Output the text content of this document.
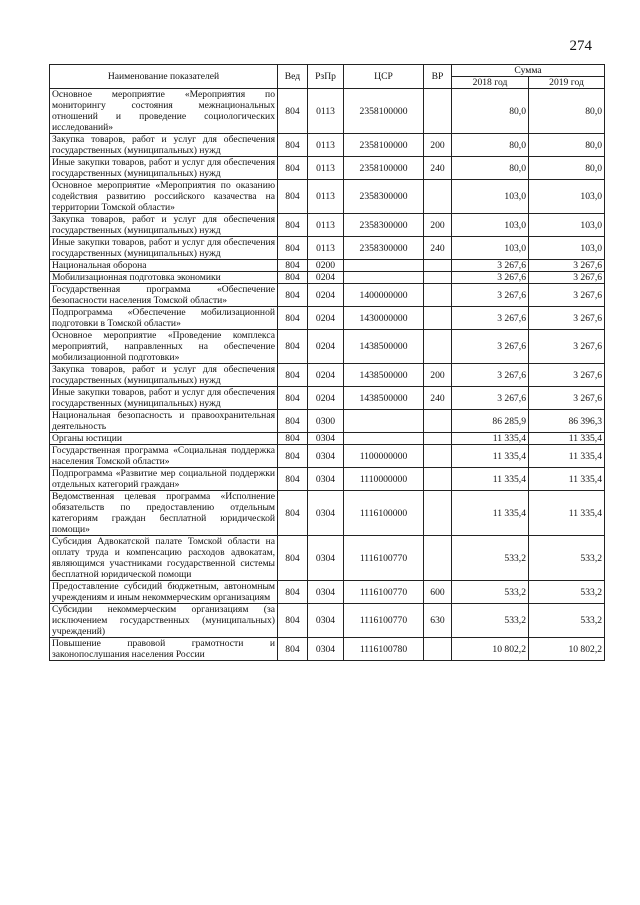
274
Наименование показателей	Вед	РзПр	ЦСР	ВР	Сумма	
					2018 год	2019 год
Основное мероприятие «Мероприятия по мониторингу состояния межнациональных отношений и проведение социологических исследований»	804	0113	2358100000		80,0	80,0
Закупка товаров, работ и услуг для обеспечения государственных (муниципальных) нужд	804	0113	2358100000	200	80,0	80,0
Иные закупки товаров, работ и услуг для обеспечения государственных (муниципальных) нужд	804	0113	2358100000	240	80,0	80,0
Основное мероприятие «Мероприятия по оказанию содействия развитию российского казачества на территории Томской области»	804	0113	2358300000		103,0	103,0
Закупка товаров, работ и услуг для обеспечения государственных (муниципальных) нужд	804	0113	2358300000	200	103,0	103,0
Иные закупки товаров, работ и услуг для обеспечения государственных (муниципальных) нужд	804	0113	2358300000	240	103,0	103,0
Национальная оборона	804	0200			3 267,6	3 267,6
Мобилизационная подготовка экономики	804	0204			3 267,6	3 267,6
Государственная программа «Обеспечение безопасности населения Томской области»	804	0204	1400000000		3 267,6	3 267,6
Подпрограмма «Обеспечение мобилизационной подготовки в Томской области»	804	0204	1430000000		3 267,6	3 267,6
Основное мероприятие «Проведение комплекса мероприятий, направленных на обеспечение мобилизационной подготовки»	804	0204	1438500000		3 267,6	3 267,6
Закупка товаров, работ и услуг для обеспечения государственных (муниципальных) нужд	804	0204	1438500000	200	3 267,6	3 267,6
Иные закупки товаров, работ и услуг для обеспечения государственных (муниципальных) нужд	804	0204	1438500000	240	3 267,6	3 267,6
Национальная безопасность и правоохранительная деятельность	804	0300			86 285,9	86 396,3
Органы юстиции	804	0304			11 335,4	11 335,4
Государственная программа «Социальная поддержка населения Томской области»	804	0304	1100000000		11 335,4	11 335,4
Подпрограмма «Развитие мер социальной поддержки отдельных категорий граждан»	804	0304	1110000000		11 335,4	11 335,4
Ведомственная целевая программа «Исполнение обязательств по предоставлению отдельным категориям граждан бесплатной юридической помощи»	804	0304	1116100000		11 335,4	11 335,4
Субсидия Адвокатской палате Томской области на оплату труда и компенсацию расходов адвокатам, являющимся участниками государственной системы бесплатной юридической помощи	804	0304	1116100770		533,2	533,2
Предоставление субсидий бюджетным, автономным учреждениям и иным некоммерческим организациям	804	0304	1116100770	600	533,2	533,2
Субсидии некоммерческим организациям (за исключением государственных (муниципальных) учреждений)	804	0304	1116100770	630	533,2	533,2
Повышение правовой грамотности и законопослушания населения России	804	0304	1116100780		10 802,2	10 802,2
